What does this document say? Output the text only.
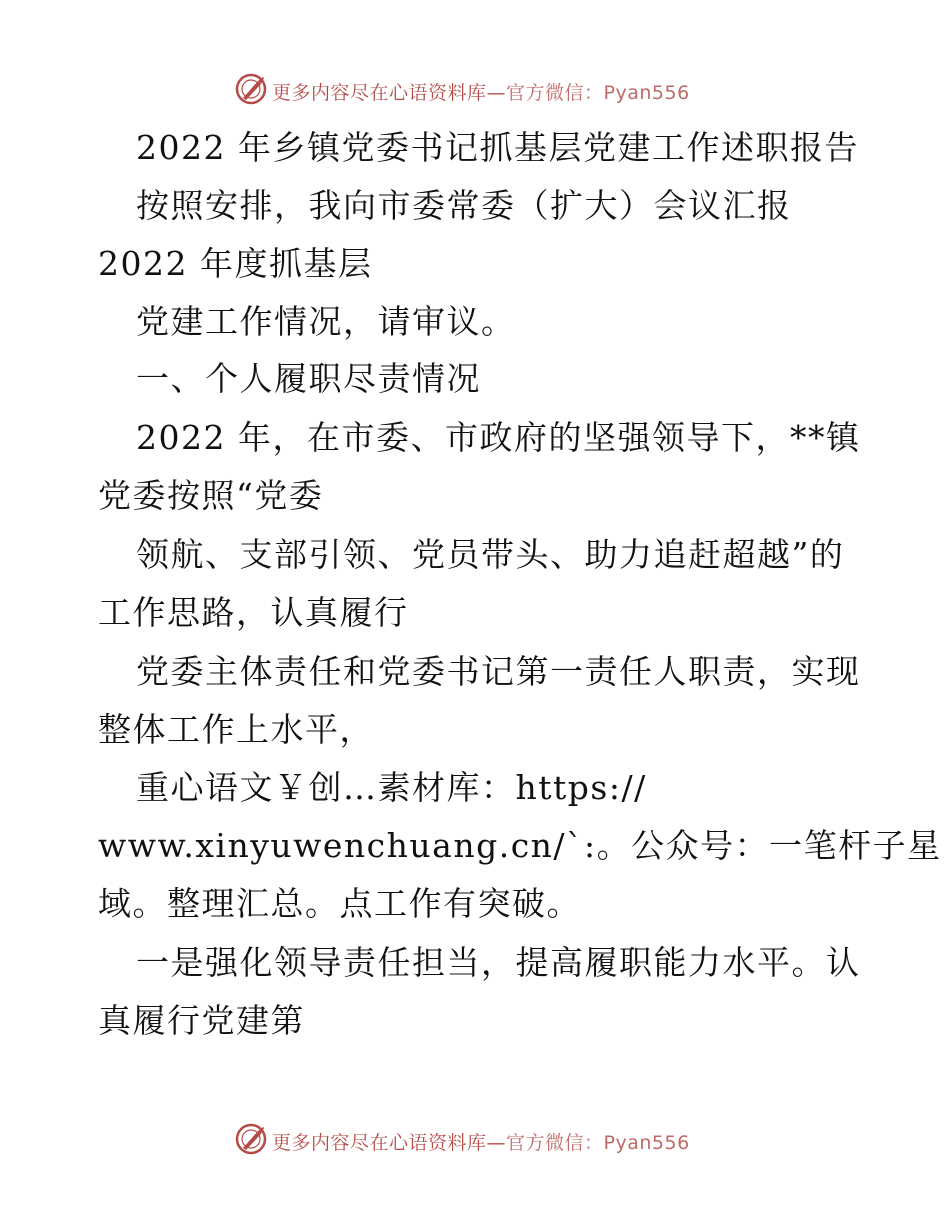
更多内容尽在心语资料库—官方微信：Pyan556
2022 年乡镇党委书记抓基层党建工作述职报告
按照安排，我向市委常委（扩大）会议汇报
2022 年度抓基层
党建工作情况，请审议。
一、个人履职尽责情况
2022 年，在市委、市政府的坚强领导下，**镇
党委按照“党委
领航、支部引领、党员带头、助力追赶超越”的
工作思路，认真履行
党委主体责任和党委书记第一责任人职责，实现
整体工作上水平，
重心语文￥创…素材库：https://
www.xinyuwenchuang.cn/`:。公众号：一笔杆子星
域。整理汇总。点工作有突破。
一是强化领导责任担当，提高履职能力水平。认
真履行党建第
更多内容尽在心语资料库—官方微信：Pyan556
